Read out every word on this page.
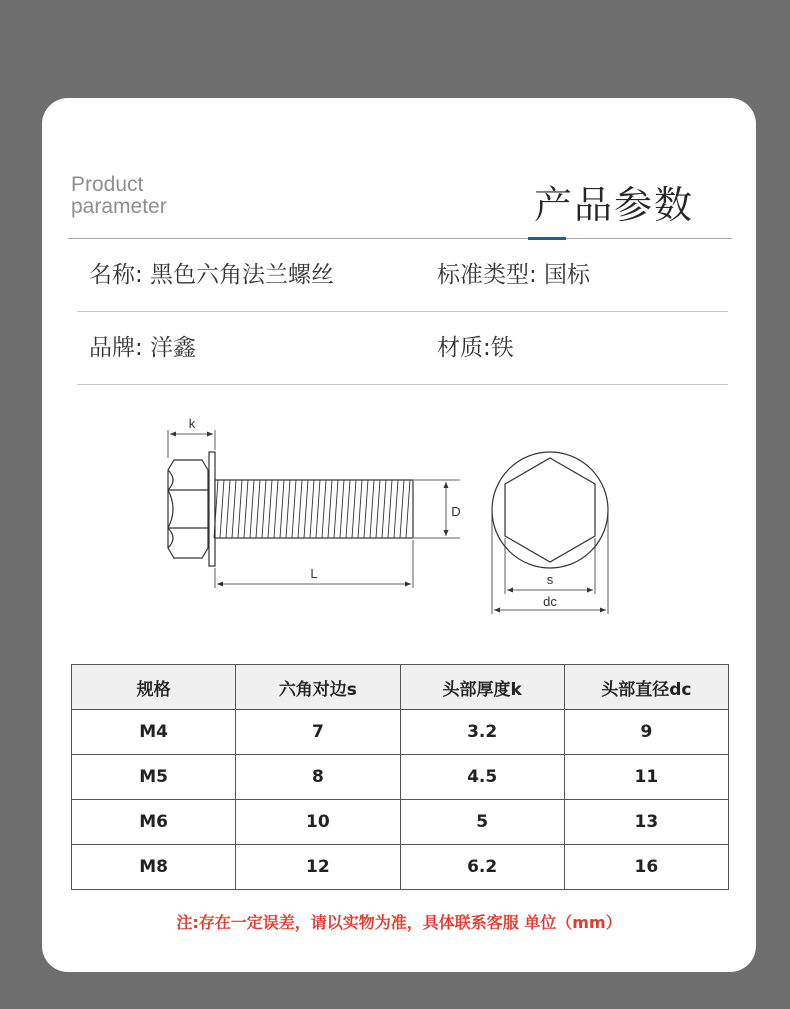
Product
parameter	产品参数
名称: 黑色六角法兰螺丝	标准类型: 国标
品牌: 洋鑫	材质:铁
k
D
L	s
dc
规格	六角对边s	头部厚度k	头部直径dc
M4	7	3.2	9
M5	8	4.5	11
M6	10	5	13
M8	12	6.2	16
注:存在一定误差，请以实物为准，具体联系客服 单位（mm）
